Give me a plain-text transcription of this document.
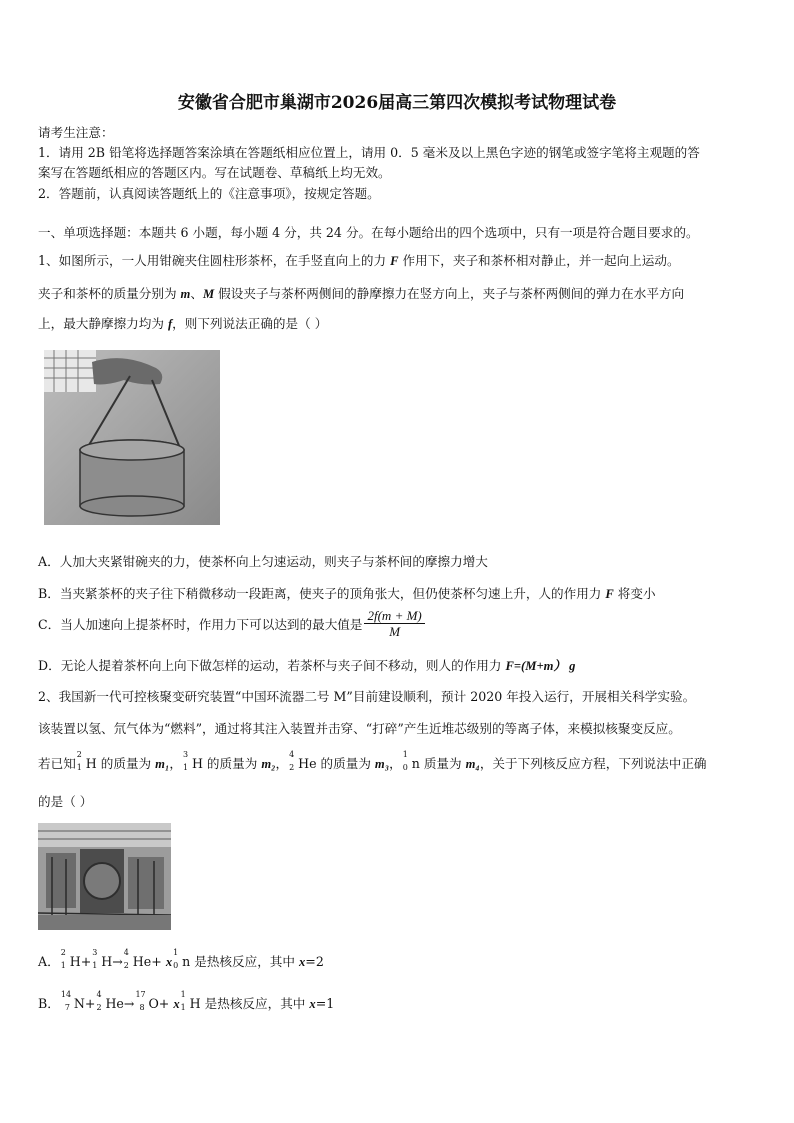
安徽省合肥市巢湖市2026届高三第四次模拟考试物理试卷
请考生注意：
1．请用 2B 铅笔将选择题答案涂填在答题纸相应位置上，请用 0．5 毫米及以上黑色字迹的钢笔或签字笔将主观题的答
案写在答题纸相应的答题区内。写在试题卷、草稿纸上均无效。
2．答题前，认真阅读答题纸上的《注意事项》，按规定答题。
一、单项选择题：本题共 6 小题，每小题 4 分，共 24 分。在每小题给出的四个选项中，只有一项是符合题目要求的。
1、如图所示，一人用钳碗夹住圆柱形茶杯，在手竖直向上的力 F 作用下，夹子和茶杯相对静止，并一起向上运动。
夹子和茶杯的质量分别为 m、M 假设夹子与茶杯两侧间的静摩擦力在竖方向上，夹子与茶杯两侧间的弹力在水平方向
上，最大静摩擦力均为 f，则下列说法正确的是（ ）
A．人加大夹紧钳碗夹的力，使茶杯向上匀速运动，则夹子与茶杯间的摩擦力增大
B．当夹紧茶杯的夹子往下稍微移动一段距离，使夹子的顶角张大，但仍使茶杯匀速上升，人的作用力 F 将变小
C．当人加速向上提茶杯时，作用力下可以达到的最大值是 $\frac{2f(m + M)}{M}$
D．无论人提着茶杯向上向下做怎样的运动，若茶杯与夹子间不移动，则人的作用力 F=(M+m） g
2、我国新一代可控核聚变研究装置“中国环流器二号 M”目前建设顺利，预计 2020 年投入运行，开展相关科学实验。
该装置以氢、氘气体为“燃料”，通过将其注入装置并击穿、“打碎”产生近堆芯级别的等离子体，来模拟核聚变反应。
若已知
2
1 H 的质量为 m₁，
3
1 H 的质量为 m₂，
4
2 He 的质量为 m₃，
1
0 n 质量为 m₄，关于下列核反应方程，下列说法中正确
的是（ ）
A．
2
1 H+
3
1 H→
4
2 He+ x
1
0 n 是热核反应，其中 x=2
B．
14
7 N+
4
2 He→
17
8 O+ x
1
1 H 是热核反应，其中 x=1
